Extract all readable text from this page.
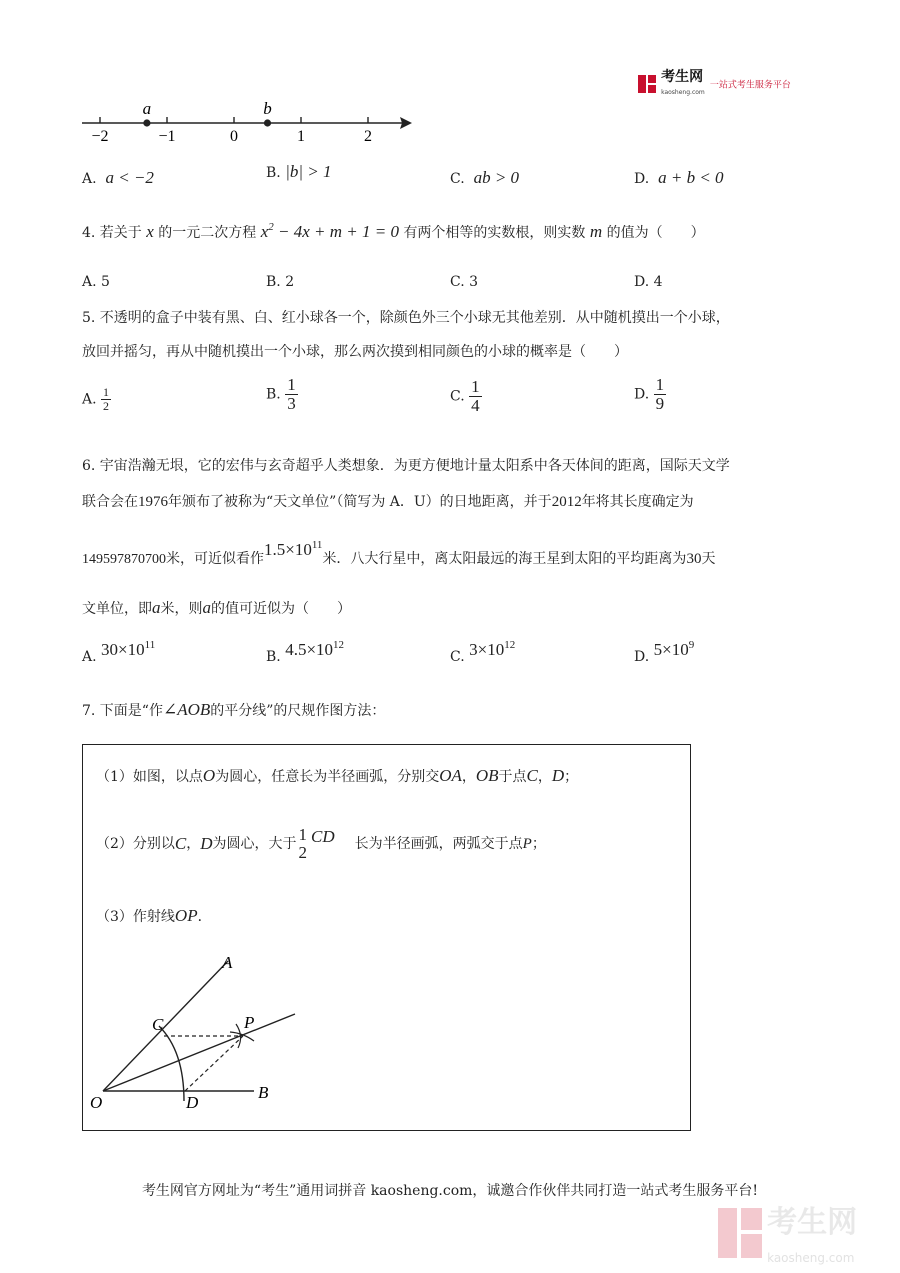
考生网
kaosheng.com 一站式考生服务平台
−2	−1	0	1	2
a	b
A. a < −2	B. |b| > 1	C. ab > 0	D. a + b < 0
4. 若关于 x 的一元二次方程 $x^2 - 4x + m + 1 = 0$ 有两个相等的实数根，则实数 m 的值为（　　）
A. 5	B. 2	C. 3	D. 4
5. 不透明的盒子中装有黑、白、红小球各一个，除颜色外三个小球无其他差别．从中随机摸出一个小球，
放回并摇匀，再从中随机摸出一个小球，那么两次摸到相同颜色的小球的概率是（　　）
A. $\frac{1}{2}$	B. $\frac{1}{3}$	C. $\frac{1}{4}$	D. $\frac{1}{9}$
6. 宇宙浩瀚无垠，它的宏伟与玄奇超乎人类想象．为更方便地计量太阳系中各天体间的距离，国际天文学
联合会在1976年颁布了被称为“天文单位”（简写为 A．U）的日地距离，并于2012年将其长度确定为
149597870700米，可近似看作$1.5\times 10^{11}$米．八大行星中，离太阳最远的海王星到太阳的平均距离为30天
文单位，即a米，则a的值可近似为（　　）
A. $30\times 10^{11}$
B. $4.5\times 10^{12}$
C. $3\times 10^{12}$
D. $5\times 10^9$
7. 下面是“作∠AOB的平分线”的尺规作图方法：
（1）如图，以点O为圆心，任意长为半径画弧，分别交OA，OB于点C，D；
（2）分别以C，D为圆心，大于 1
2
CD 长为半径画弧，两弧交于点P；
（3）作射线OP．
A
B
C
D
O
P
考生网官方网址为“考生”通用词拼音 kaosheng.com，诚邀合作伙伴共同打造一站式考生服务平台!
考生网
kaosheng.com
